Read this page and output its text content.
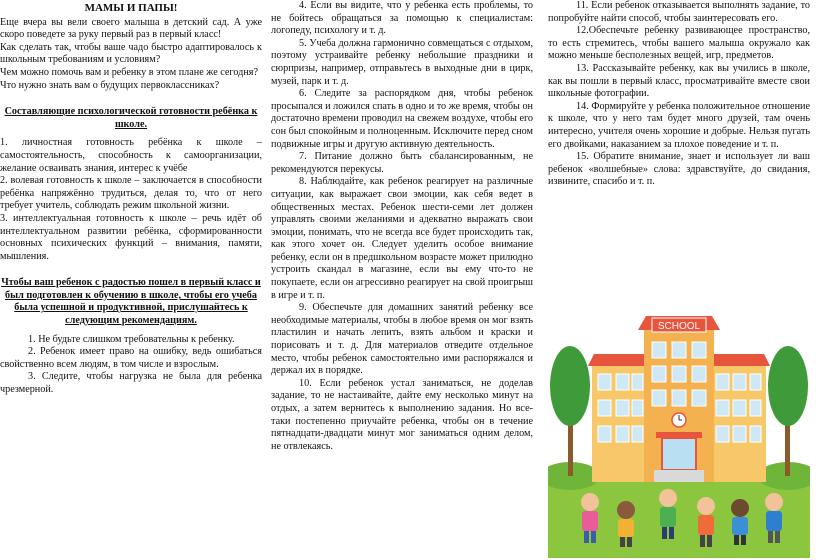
МАМЫ И ПАПЫ!

Еще вчера вы вели своего малыша в детский сад. А уже скоро поведете за руку первый раз в первый класс!

Как сделать так, чтобы ваше чадо быстро адаптировалось к школьным требованиям и условиям?

Чем можно помочь вам и ребенку в этом плане же сегодня?

Что нужно знать вам о будущих первоклассниках?

Составляющие психологической готовности ребёнка к школе.

1. личностная готовность ребёнка к школе – самостоятельность, способность к самоорганизации, желание осваивать знания, интерес к учёбе

2. волевая готовность к школе – заключается в способности ребёнка напряжённо трудиться, делая то, что от него требует учитель, соблюдать режим школьной жизни.

3. интеллектуальная готовность к школе – речь идёт об интеллектуальном развитии ребёнка, сформированности основных психических функций – внимания, памяти, мышления.

Чтобы ваш ребенок с радостью пошел в первый класс и был подготовлен к обучению в школе, чтобы его учеба была успешной и продуктивной, прислушайтесь к следующим рекомендациям.

1. Не будьте слишком требовательны к ребенку.

2. Ребенок имеет право на ошибку, ведь ошибаться свойственно всем людям, в том числе и взрослым.

3. Следите, чтобы нагрузка не была для ребенка чрезмерной.

4. Если вы видите, что у ребенка есть проблемы, то не бойтесь обращаться за помощью к специалистам: логопеду, психологу и т. д.

5. Учеба должна гармонично совмещаться с отдыхом, поэтому устраивайте ребенку небольшие праздники и сюрпризы, например, отправьтесь в выходные дни в цирк, музей, парк и т. д.

6. Следите за распорядком дня, чтобы ребенок просыпался и ложился спать в одно и то же время, чтобы он достаточно времени проводил на свежем воздухе, чтобы его сон был спокойным и полноценным. Исключите перед сном подвижные игры и другую активную деятельность.

7. Питание должно быть сбалансированным, не рекомендуются перекусы.

8. Наблюдайте, как ребенок реагирует на различные ситуации, как выражает свои эмоции, как себя ведет в общественных местах. Ребенок шести-семи лет должен управлять своими желаниями и адекватно выражать свои эмоции, понимать, что не всегда все будет происходить так, как этого хочет он. Следует уделить особое внимание ребенку, если он в предшкольном возрасте может прилюдно устроить скандал в магазине, если вы ему что-то не покупаете, если он агрессивно реагирует на свой проигрыш в игре и т. п.

9. Обеспечьте для домашних занятий ребенку все необходимые материалы, чтобы в любое время он мог взять пластилин и начать лепить, взять альбом и краски и порисовать и т. д. Для материалов отведите отдельное место, чтобы ребенок самостоятельно ими распоряжался и держал их в порядке.

10. Если ребенок устал заниматься, не доделав задание, то не настаивайте, дайте ему несколько минут на отдых, а затем вернитесь к выполнению задания. Но все-таки постепенно приучайте ребенка, чтобы он в течение пятнадцати-двадцати минут мог заниматься одним делом, не отвлекаясь.

11. Если ребенок отказывается выполнять задание, то попробуйте найти способ, чтобы заинтересовать его.

12.Обеспечьте ребенку развивающее пространство, то есть стремитесь, чтобы вашего малыша окружало как можно меньше бесполезных вещей, игр, предметов.

13. Рассказывайте ребенку, как вы учились в школе, как вы пошли в первый класс, просматривайте вместе свои школьные фотографии.

14. Формируйте у ребенка положительное отношение к школе, что у него там будет много друзей, там очень интересно, учителя очень хорошие и добрые. Нельзя пугать его двойками, наказанием за плохое поведение и т. п.

15. Обратите внимание, знает и использует ли ваш ребенок «волшебные» слова: здравствуйте, до свидания, извините, спасибо и т. п.

SCHOOL
